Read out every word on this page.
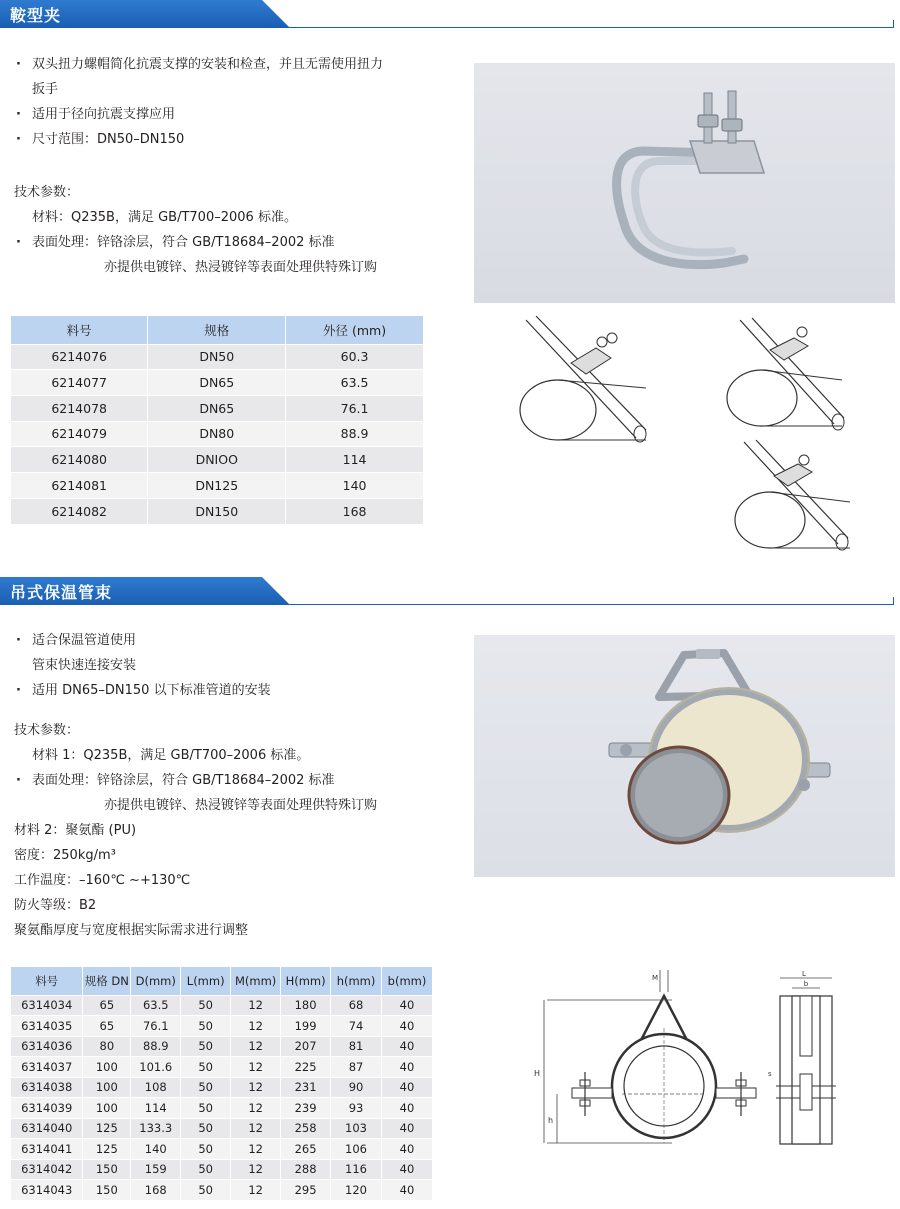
鞍型夹
· 双头扭力螺帽简化抗震支撑的安装和检查，并且无需使用扭力
扳手
· 适用于径向抗震支撑应用
· 尺寸范围：DN50–DN150
技术参数：
材料：Q235B，满足 GB/T700–2006 标准。
· 表面处理：锌铬涂层，符合 GB/T18684–2002 标准
亦提供电镀锌、热浸镀锌等表面处理供特殊订购
料号	规格	外径 (mm)
6214076	DN50	60.3
6214077	DN65	63.5
6214078	DN65	76.1
6214079	DN80	88.9
6214080	DNIOO	114
6214081	DN125	140
6214082	DN150	168
吊式保温管束
· 适合保温管道使用
管束快速连接安装
· 适用 DN65–DN150 以下标准管道的安装
技术参数：
材料 1：Q235B，满足 GB/T700–2006 标准。
· 表面处理：锌铬涂层，符合 GB/T18684–2002 标准
亦提供电镀锌、热浸镀锌等表面处理供特殊订购
材料 2：聚氨酯 (PU)
密度：250kg/m³
工作温度：–160℃ ~+130℃
防火等级：B2
聚氨酯厚度与宽度根据实际需求进行调整
料号	规格 DN	D(mm)	L(mm)	M(mm)	H(mm)	h(mm)	b(mm)
6314034	65	63.5	50	12	180	68	40
6314035	65	76.1	50	12	199	74	40
6314036	80	88.9	50	12	207	81	40
6314037	100	101.6	50	12	225	87	40
6314038	100	108	50	12	231	90	40
6314039	100	114	50	12	239	93	40
6314040	125	133.3	50	12	258	103	40
6314041	125	140	50	12	265	106	40
6314042	150	159	50	12	288	116	40
6314043	150	168	50	12	295	120	40
M
H
h
L
b
s
